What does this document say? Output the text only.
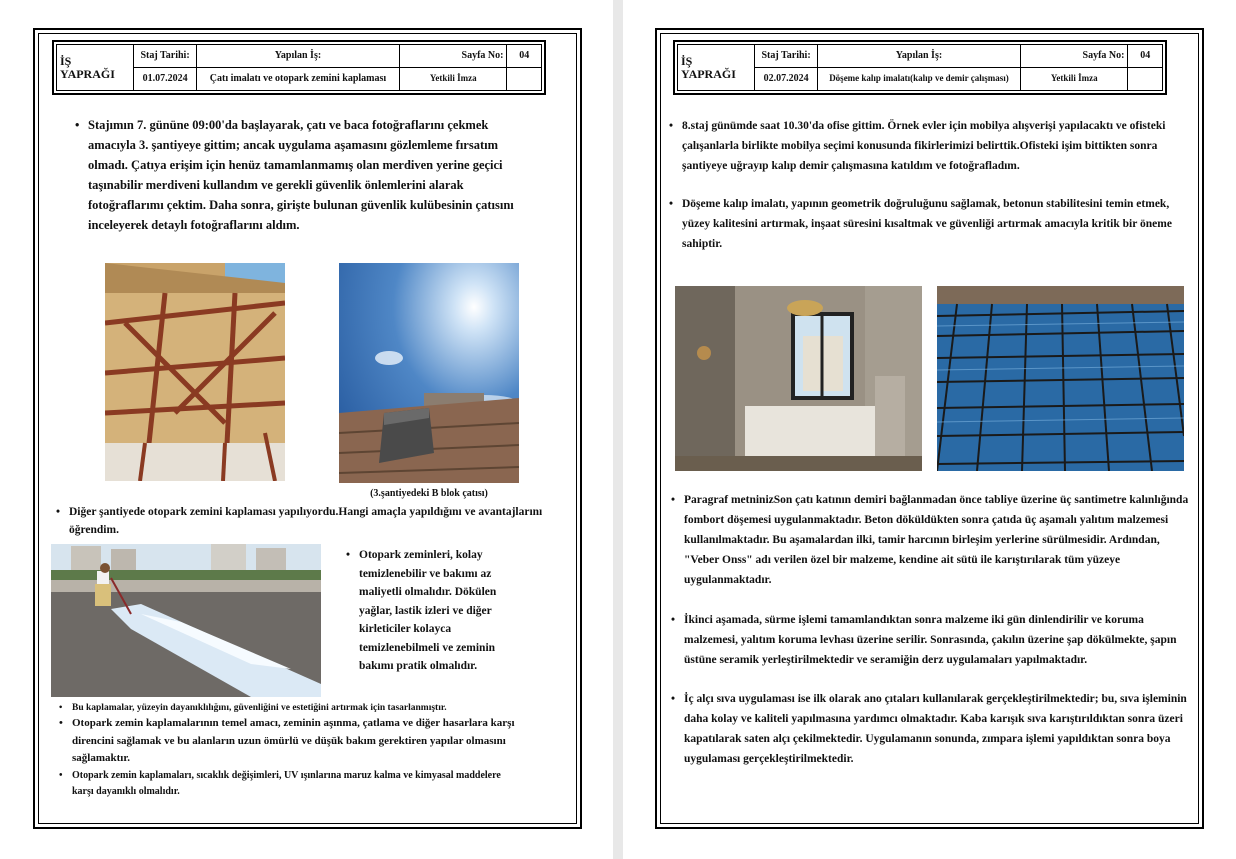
İŞ
YAPRAĞI	Staj Tarihi:	Yapılan İş:	Sayfa No:	04
	01.07.2024	Çatı imalatı ve otopark zemini kaplaması	Yetkili İmza	
• Stajımın 7. gününe 09:00'da başlayarak, çatı ve baca fotoğraflarını çekmek amacıyla 3. şantiyeye gittim; ancak uygulama aşamasını gözlemleme fırsatım olmadı. Çatıya erişim için henüz tamamlanmamış olan merdiven yerine geçici taşınabilir merdiveni kullandım ve gerekli güvenlik önlemlerini alarak fotoğraflarımı çektim. Daha sonra, girişte bulunan güvenlik kulübesinin çatısını inceleyerek detaylı fotoğraflarını aldım.
(3.şantiyedeki B blok çatısı)
• Diğer şantiyede otopark zemini kaplaması yapılıyordu.Hangi amaçla yapıldığını ve avantajlarını öğrendim.
• Otopark zeminleri, kolay temizlenebilir ve bakımı az maliyetli olmalıdır. Dökülen yağlar, lastik izleri ve diğer kirleticiler kolayca temizlenebilmeli ve zeminin bakımı pratik olmalıdır.
• Bu kaplamalar, yüzeyin dayanıklılığını, güvenliğini ve estetiğini artırmak için tasarlanmıştır.
• Otopark zemin kaplamalarının temel amacı, zeminin aşınma, çatlama ve diğer hasarlara karşı direncini sağlamak ve bu alanların uzun ömürlü ve düşük bakım gerektiren yapılar olmasını sağlamaktır.
• Otopark zemin kaplamaları, sıcaklık değişimleri, UV ışınlarına maruz kalma ve kimyasal maddelere karşı dayanıklı olmalıdır.
İŞ
YAPRAĞI	Staj Tarihi:	Yapılan İş:	Sayfa No:	04
	02.07.2024	Döşeme kalıp imalatı(kalıp ve demir çalışması)	Yetkili İmza	
• 8.staj günümde saat 10.30'da ofise gittim. Örnek evler için mobilya alışverişi yapılacaktı ve ofisteki çalışanlarla birlikte mobilya seçimi konusunda fikirlerimizi belirttik.Ofisteki işim bittikten sonra şantiyeye uğrayıp kalıp demir çalışmasına katıldım ve fotoğrafladım.
• Döşeme kalıp imalatı, yapının geometrik doğruluğunu sağlamak, betonun stabilitesini temin etmek, yüzey kalitesini artırmak, inşaat süresini kısaltmak ve güvenliği artırmak amacıyla kritik bir öneme sahiptir.
• Paragraf metninizSon çatı katının demiri bağlanmadan önce tabliye üzerine üç santimetre kalınlığında fombort döşemesi uygulanmaktadır. Beton döküldükten sonra çatıda üç aşamalı yalıtım malzemesi kullanılmaktadır. Bu aşamalardan ilki, tamir harcının birleşim yerlerine sürülmesidir. Ardından, "Veber Onss" adı verilen özel bir malzeme, kendine ait sütü ile karıştırılarak tüm yüzeye uygulanmaktadır.
• İkinci aşamada, sürme işlemi tamamlandıktan sonra malzeme iki gün dinlendirilir ve koruma malzemesi, yalıtım koruma levhası üzerine serilir. Sonrasında, çakılın üzerine şap dökülmekte, şapın üstüne seramik yerleştirilmektedir ve seramiğin derz uygulamaları yapılmaktadır.
• İç alçı sıva uygulaması ise ilk olarak ano çıtaları kullanılarak gerçekleştirilmektedir; bu, sıva işleminin daha kolay ve kaliteli yapılmasına yardımcı olmaktadır. Kaba karışık sıva karıştırıldıktan sonra üzeri kapatılarak saten alçı çekilmektedir. Uygulamanın sonunda, zımpara işlemi yapıldıktan sonra boya uygulaması gerçekleştirilmektedir.
